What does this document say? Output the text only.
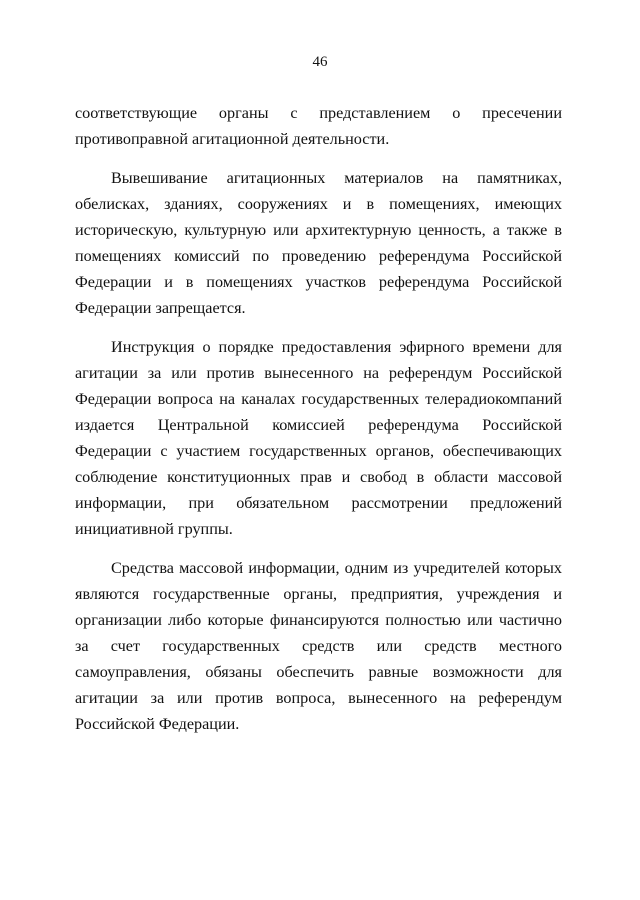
46

соответствующие органы с представлением о пресечении противоправной агитационной деятельности.

Вывешивание агитационных материалов на памятниках, обелисках, зданиях, сооружениях и в помещениях, имеющих историческую, культурную или архитектурную ценность, а также в помещениях комиссий по проведению референдума Российской Федерации и в помещениях участков референдума Российской Федерации запрещается.

Инструкция о порядке предоставления эфирного времени для агитации за или против вынесенного на референдум Российской Федерации вопроса на каналах государственных телерадиокомпаний издается Центральной комиссией референдума Российской Федерации с участием государственных органов, обеспечивающих соблюдение конституционных прав и свобод в области массовой информации, при обязательном рассмотрении предложений инициативной группы.

Средства массовой информации, одним из учредителей которых являются государственные органы, предприятия, учреждения и организации либо которые финансируются полностью или частично за счет государственных средств или средств местного самоуправления, обязаны обеспечить равные возможности для агитации за или против вопроса, вынесенного на референдум Российской Федерации.
